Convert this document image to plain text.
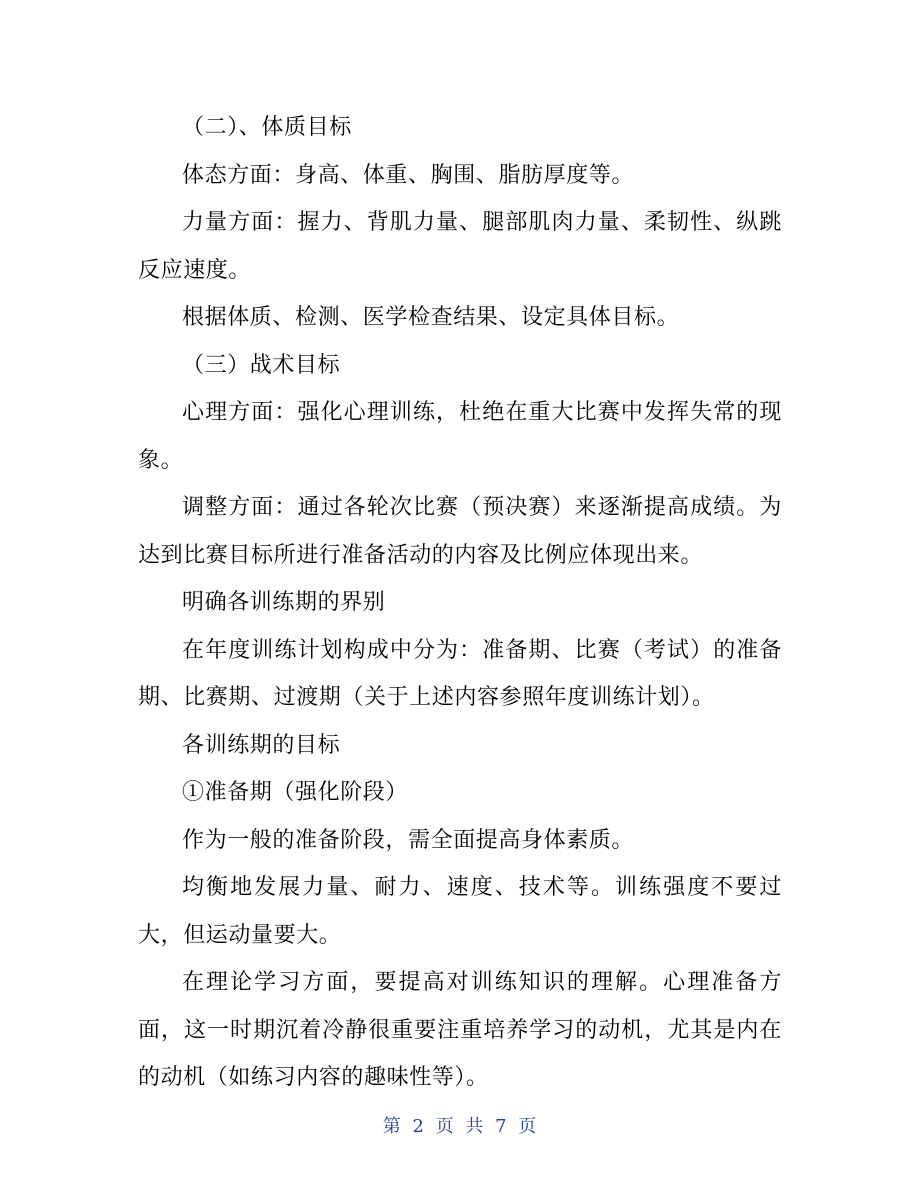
（二）、体质目标

体态方面：身高、体重、胸围、脂肪厚度等。

力量方面：握力、背肌力量、腿部肌肉力量、柔韧性、纵跳反应速度。

根据体质、检测、医学检查结果、设定具体目标。

（三）战术目标

心理方面：强化心理训练，杜绝在重大比赛中发挥失常的现象。

调整方面：通过各轮次比赛（预决赛）来逐渐提高成绩。为达到比赛目标所进行准备活动的内容及比例应体现出来。

明确各训练期的界别

在年度训练计划构成中分为：准备期、比赛（考试）的准备期、比赛期、过渡期（关于上述内容参照年度训练计划）。

各训练期的目标

①准备期（强化阶段）

作为一般的准备阶段，需全面提高身体素质。

均衡地发展力量、耐力、速度、技术等。训练强度不要过大，但运动量要大。

在理论学习方面，要提高对训练知识的理解。心理准备方面，这一时期沉着冷静很重要注重培养学习的动机，尤其是内在的动机（如练习内容的趣味性等）。

第 2 页 共 7 页
